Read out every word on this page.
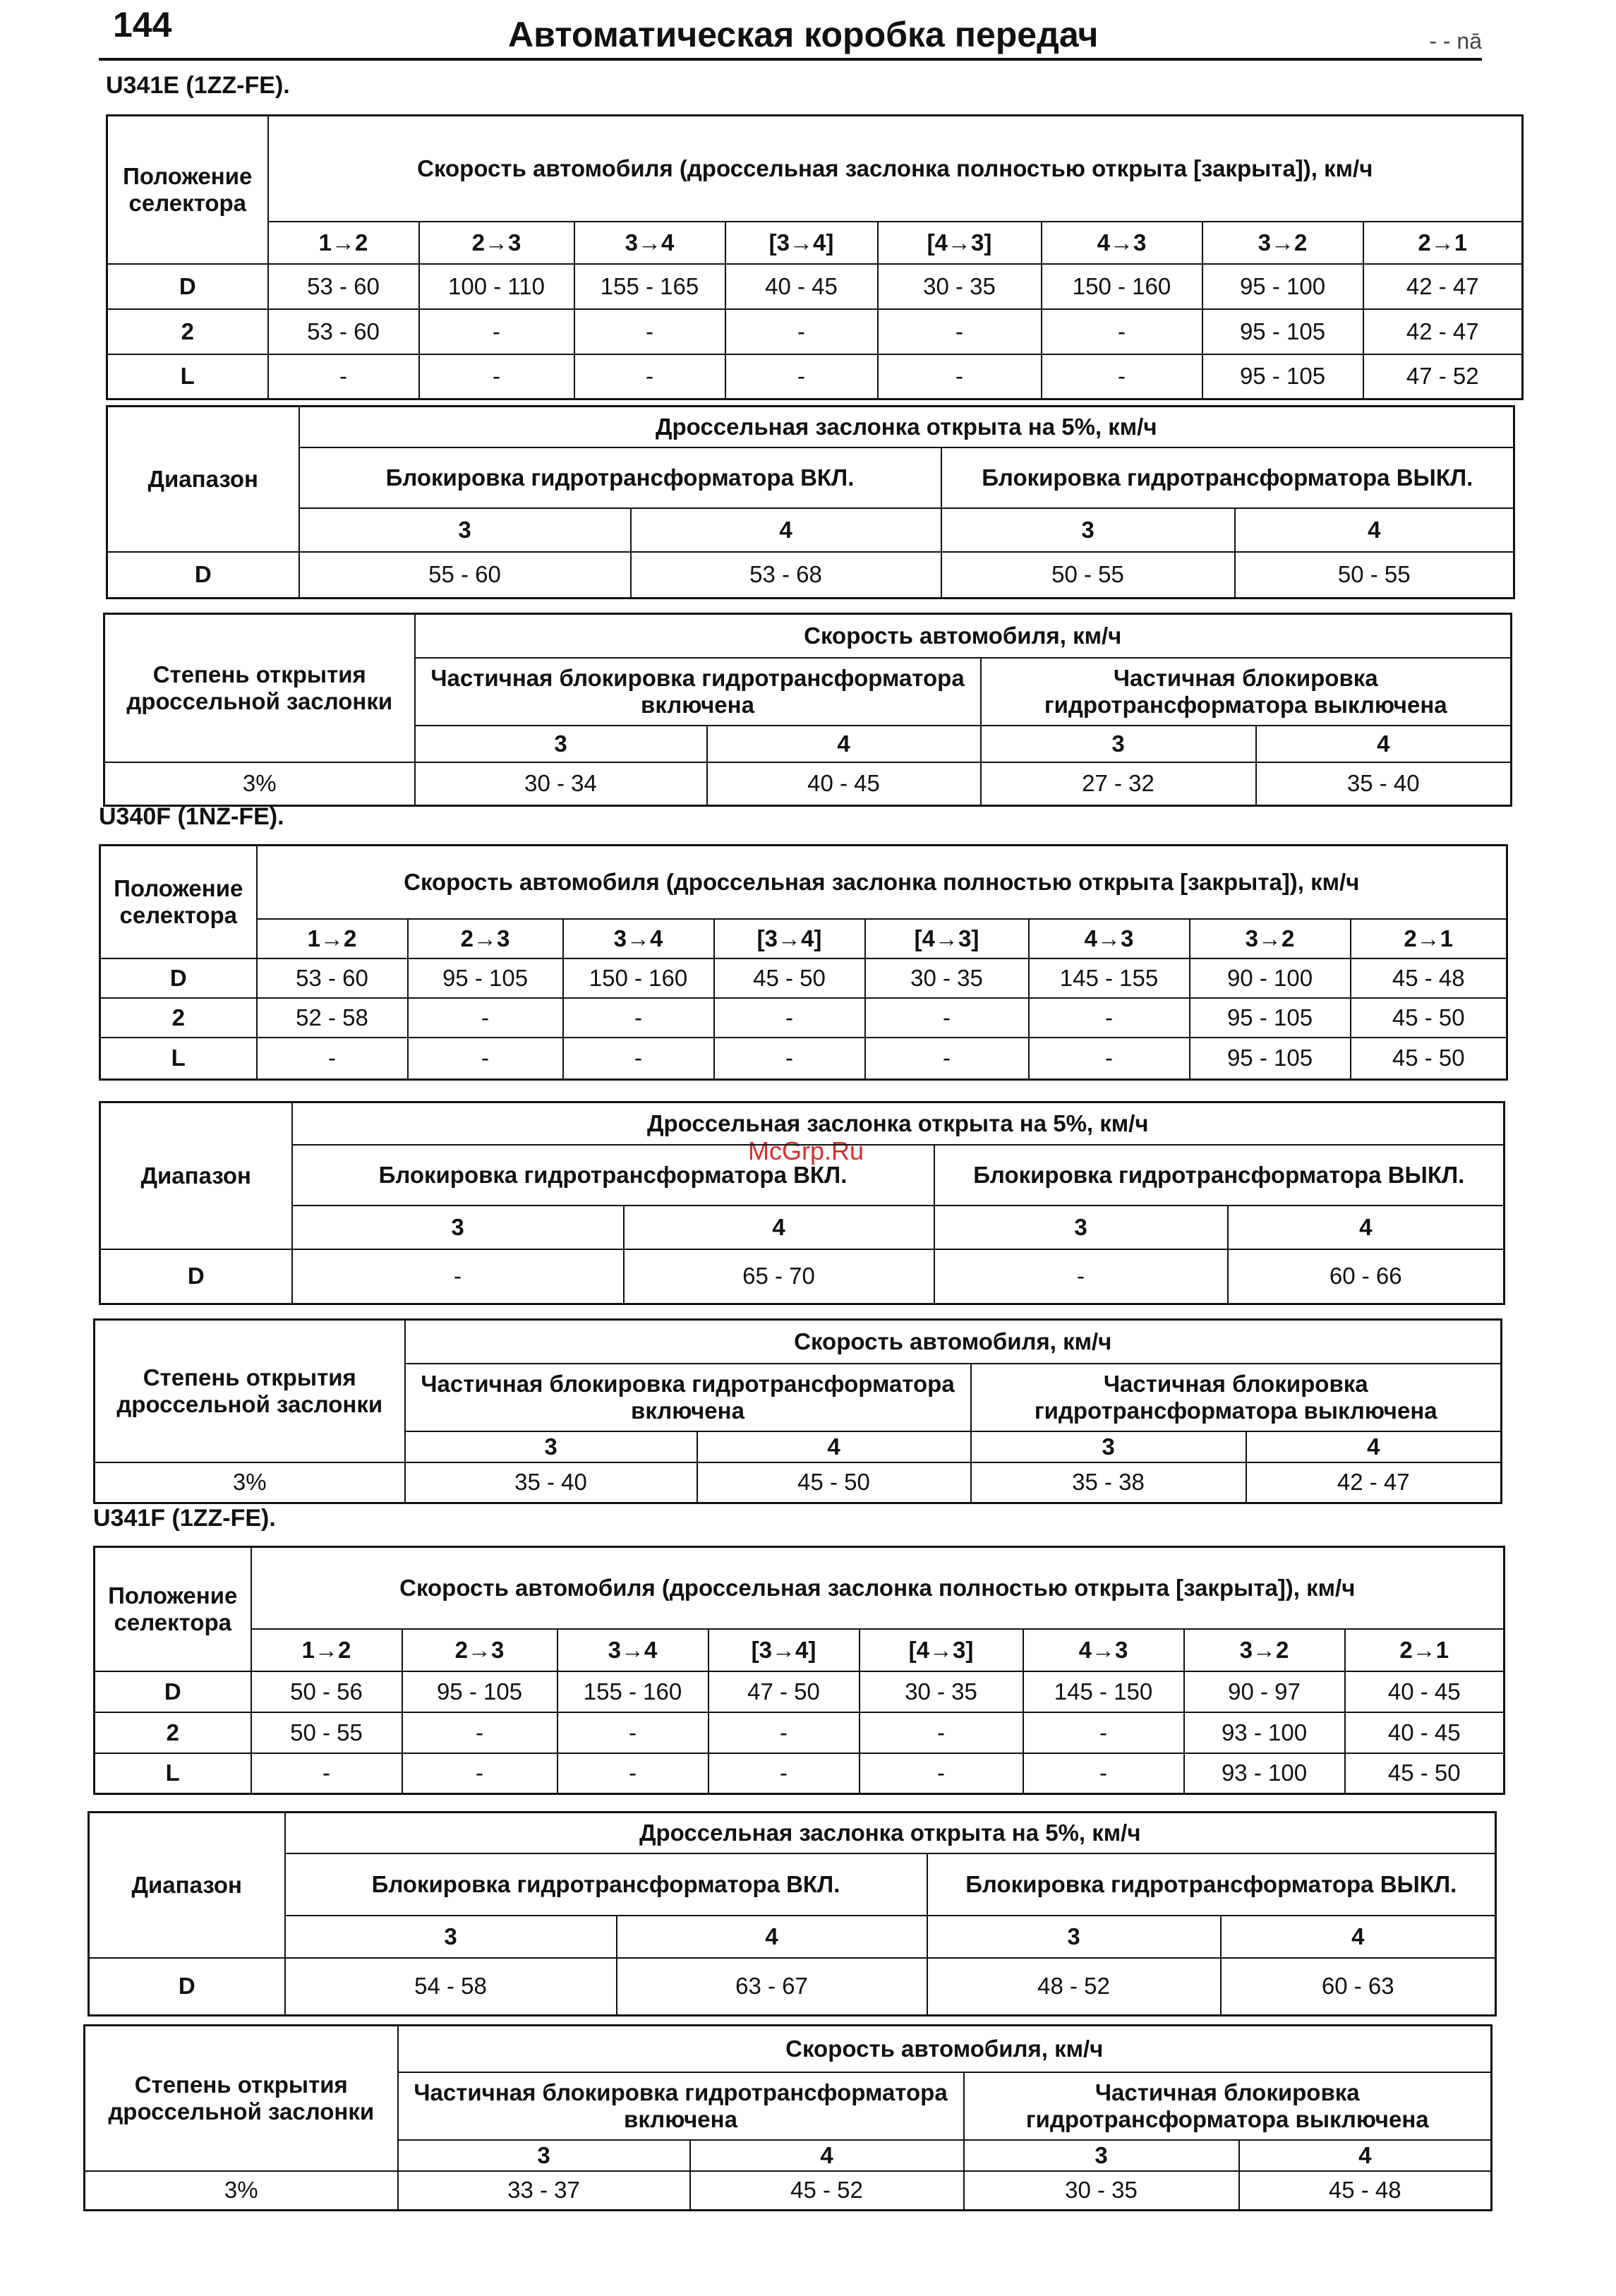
144	Автоматическая коробка передач	- - nā
McGrp.Ru
U341E (1ZZ-FE).
Положение селектора	Скорость автомобиля (дроссельная заслонка полностью открыта [закрыта]), км/ч							
	1→2	2→3	3→4	[3→4]	[4→3]	4→3	3→2	2→1
D	53 - 60	100 - 110	155 - 165	40 - 45	30 - 35	150 - 160	95 - 100	42 - 47
2	53 - 60	-	-	-	-	-	95 - 105	42 - 47
L	-	-	-	-	-	-	95 - 105	47 - 52
Диапазон	Дроссельная заслонка открыта на 5%, км/ч			
	Блокировка гидротрансформатора ВКЛ.		Блокировка гидротрансформатора ВЫКЛ.	
	3	4	3	4
D	55 - 60	53 - 68	50 - 55	50 - 55
Степень открытия дроссельной заслонки	Скорость автомобиля, км/ч			
	Частичная блокировка гидротрансформатора включена		Частичная блокировка гидротрансформатора выключена	
	3	4	3	4
3%	30 - 34	40 - 45	27 - 32	35 - 40
U340F (1NZ-FE).
Положение селектора	Скорость автомобиля (дроссельная заслонка полностью открыта [закрыта]), км/ч							
	1→2	2→3	3→4	[3→4]	[4→3]	4→3	3→2	2→1
D	53 - 60	95 - 105	150 - 160	45 - 50	30 - 35	145 - 155	90 - 100	45 - 48
2	52 - 58	-	-	-	-	-	95 - 105	45 - 50
L	-	-	-	-	-	-	95 - 105	45 - 50
Диапазон	Дроссельная заслонка открыта на 5%, км/ч			
	Блокировка гидротрансформатора ВКЛ.		Блокировка гидротрансформатора ВЫКЛ.	
	3	4	3	4
D	-	65 - 70	-	60 - 66
Степень открытия дроссельной заслонки	Скорость автомобиля, км/ч			
	Частичная блокировка гидротрансформатора включена		Частичная блокировка гидротрансформатора выключена	
	3	4	3	4
3%	35 - 40	45 - 50	35 - 38	42 - 47
U341F (1ZZ-FE).
Положение селектора	Скорость автомобиля (дроссельная заслонка полностью открыта [закрыта]), км/ч							
	1→2	2→3	3→4	[3→4]	[4→3]	4→3	3→2	2→1
D	50 - 56	95 - 105	155 - 160	47 - 50	30 - 35	145 - 150	90 - 97	40 - 45
2	50 - 55	-	-	-	-	-	93 - 100	40 - 45
L	-	-	-	-	-	-	93 - 100	45 - 50
Диапазон	Дроссельная заслонка открыта на 5%, км/ч			
	Блокировка гидротрансформатора ВКЛ.		Блокировка гидротрансформатора ВЫКЛ.	
	3	4	3	4
D	54 - 58	63 - 67	48 - 52	60 - 63
Степень открытия дроссельной заслонки	Скорость автомобиля, км/ч			
	Частичная блокировка гидротрансформатора включена		Частичная блокировка гидротрансформатора выключена	
	3	4	3	4
3%	33 - 37	45 - 52	30 - 35	45 - 48
